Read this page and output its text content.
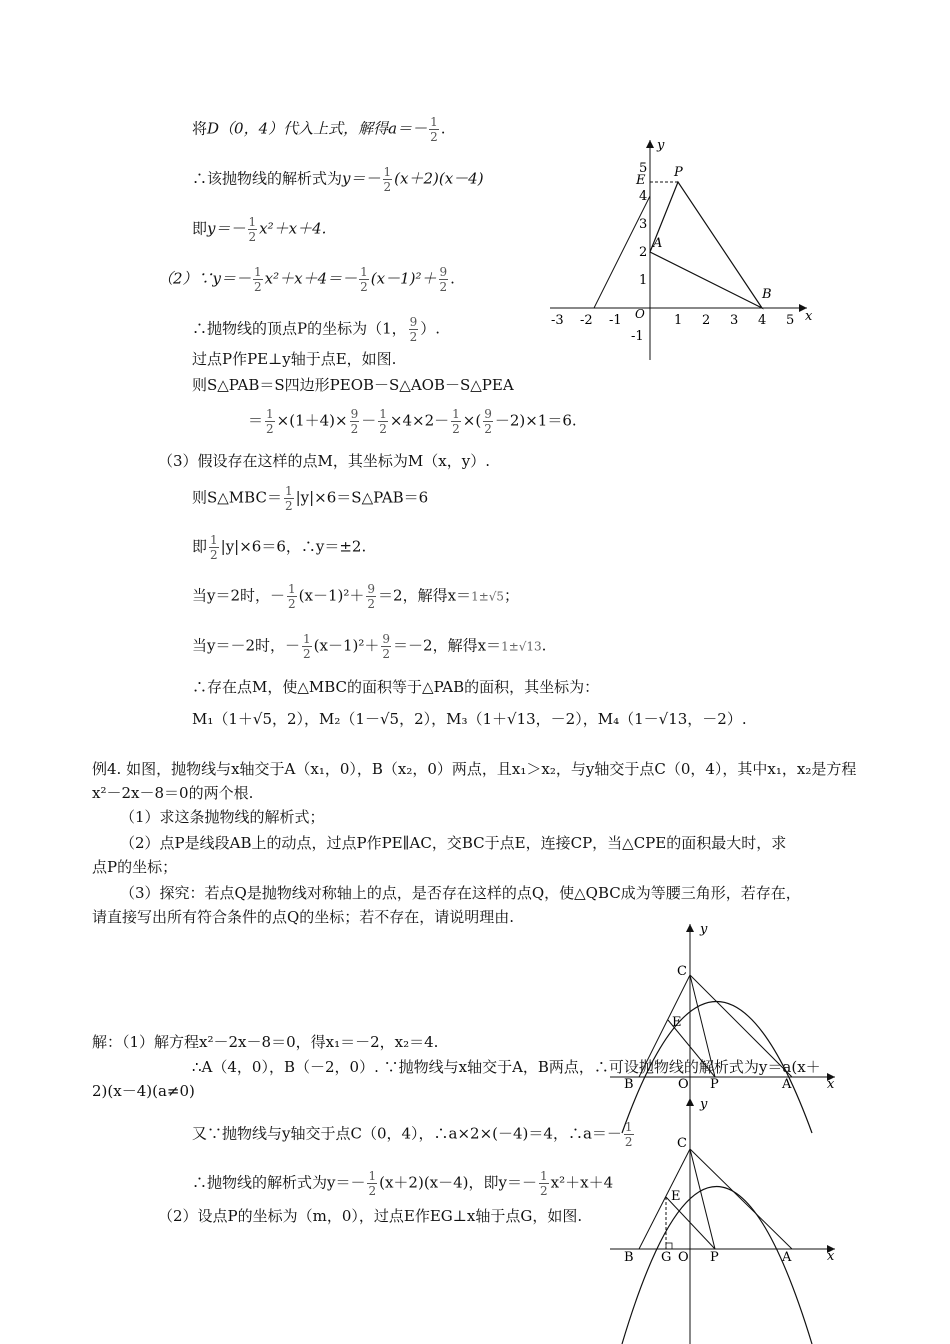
将D（0，4）代入上式，解得$a=- \frac{1}{2}$ .
∴该抛物线的解析式为$y=- \frac{1}{2} (x+2)(x-4)$
即$y=- \frac{1}{2} x^2+x+4$.
（2）∵y＝－ $\frac{1}{2} x^2+x+4=- \frac{1}{2} (x-1)^2+ \frac{9}{2}$ .
∴抛物线的顶点P的坐标为（1， $\frac{9}{2}$ ）.
过点P作PE⊥y轴于点E，如图.
则S△PAB＝S四边形PEOB－S△AOB－S△PEA
＝ $\frac{1}{2} \times(1+4)\times \frac{9}{2} - \frac{1}{2} \times 4\times 2- \frac{1}{2}$ ×( $\frac{9}{2} -2)\times 1=6$.
（3）假设存在这样的点M，其坐标为M（x，y）.
则S△MBC＝ $\frac{1}{2}$ |y|×6＝S△PAB＝6
即 $\frac{1}{2} |y|\times 6=6$，∴y＝±2.
当y＝2时，－ $\frac{1}{2} (x-1)^2+ \frac{9}{2} =2$，解得x＝1±√5；
当y＝－2时，－ $\frac{1}{2} (x-1)^2+ \frac{9}{2} =-2$，解得x＝1±√13.
∴存在点M，使△MBC的面积等于△PAB的面积，其坐标为：
M₁（1＋√5，2），M₂（1－√5，2），M₃（1＋√13，－2），M₄（1－√13，－2）.
例4. 如图，抛物线与x轴交于A（x₁，0），B（x₂，0）两点，且x₁＞x₂，与y轴交于点C（0，4），其中x₁，x₂是方程
x²－2x－8＝0的两个根.
（1）求这条抛物线的解析式；
（2）点P是线段AB上的动点，过点P作PE∥AC，交BC于点E，连接CP，当△CPE的面积最大时，求
点P的坐标；
（3）探究：若点Q是抛物线对称轴上的点，是否存在这样的点Q，使△QBC成为等腰三角形，若存在，
请直接写出所有符合条件的点Q的坐标；若不存在，请说明理由.
解：（1）解方程x²－2x－8＝0，得x₁＝－2，x₂＝4.
∴A（4，0），B（－2，0）. ∵抛物线与x轴交于A，B两点，∴可设抛物线的解析式为y＝a(x＋
2)(x－4)(a≠0)
又∵抛物线与y轴交于点C（0，4），∴a×2×(－4)＝4，∴a＝－ $\frac{1}{2}$
∴抛物线的解析式为$y=- \frac{1}{2} (x+2)(x-4)$，即$y=- \frac{1}{2} x^2+x+4$
（2）设点P的坐标为（m，0），过点E作EG⊥x轴于点G，如图.
y
x
O
-3 -2 -1	1 2 3 4 5
5
4
3
2
1
-1
P
E
A
B
y
x
C
E
B	O P	A
y
x
C
E
B G O P	A
